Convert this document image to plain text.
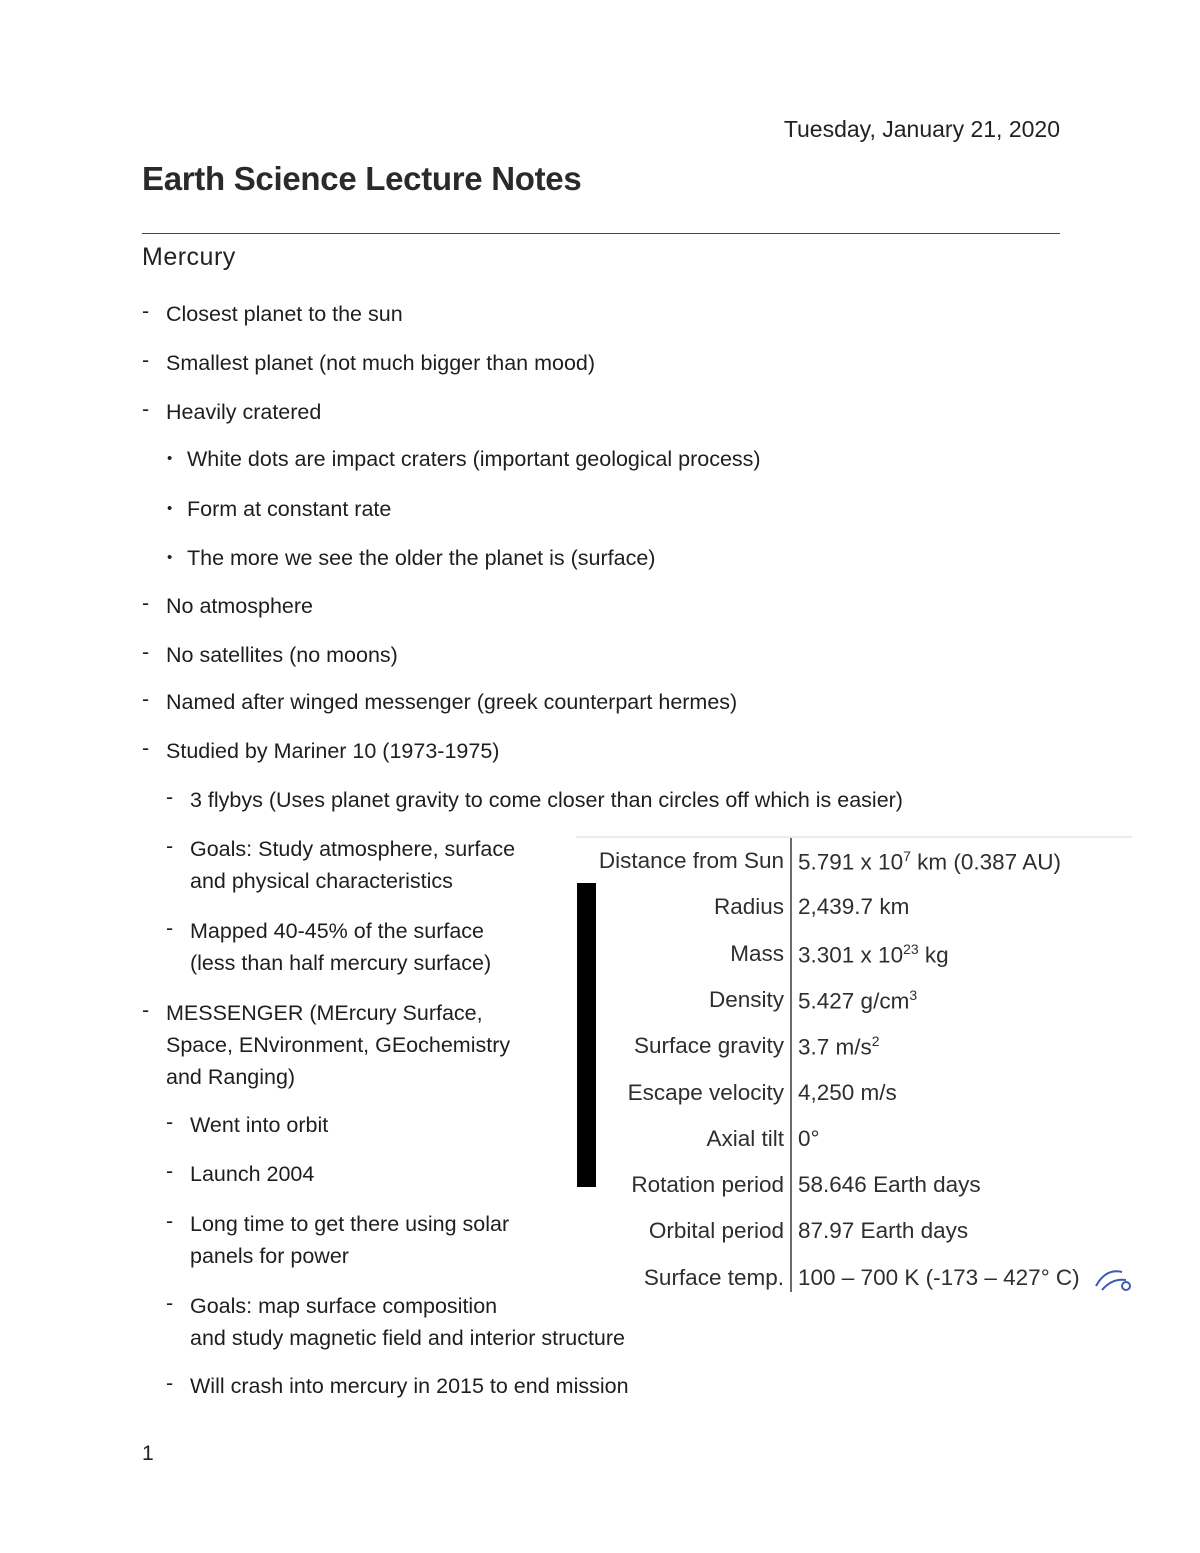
Tuesday, January 21, 2020
Earth Science Lecture Notes
Mercury
- Closest planet to the sun
- Smallest planet (not much bigger than mood)
- Heavily cratered
• White dots are impact craters (important geological process)
• Form at constant rate
• The more we see the older the planet is (surface)
- No atmosphere
- No satellites (no moons)
- Named after winged messenger (greek counterpart hermes)
- Studied by Mariner 10 (1973-1975)
- 3 flybys (Uses planet gravity to come closer than circles off which is easier)
- Goals: Study atmosphere, surface
and physical characteristics
- Mapped 40-45% of the surface
(less than half mercury surface)
- MESSENGER (MErcury Surface,
Space, ENvironment, GEochemistry
and Ranging)
- Went into orbit
- Launch 2004
- Long time to get there using solar
panels for power
- Goals: map surface composition
and study magnetic field and interior structure
- Will crash into mercury in 2015 to end mission
Distance from Sun 5.791 x $10^7$ km (0.387 AU)
Radius 2,439.7 km
Mass 3.301 x $10^{23}$ kg
Density 5.427 $g/cm^3$
Surface gravity 3.7 $m/s^2$
Escape velocity 4,250 m/s
Axial tilt 0°
Rotation period 58.646 Earth days
Orbital period 87.97 Earth days
Surface temp. 100 – 700 K (-173 – 427° C)
1
